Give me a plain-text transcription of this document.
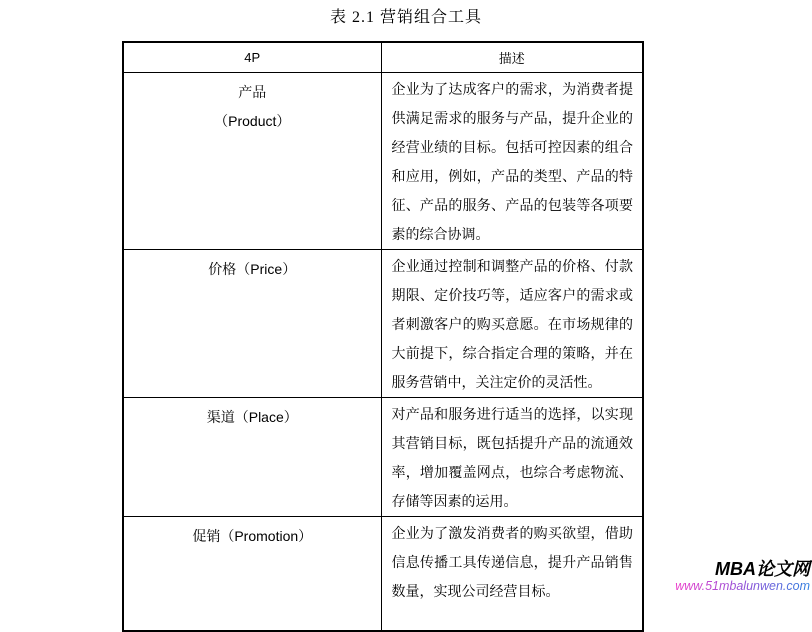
表 2.1 营销组合工具
4P	描述

产品
（Product）	企业为了达成客户的需求，为消费者提供满足需求的服务与产品，提升企业的经营业绩的目标。包括可控因素的组合和应用，例如，产品的类型、产品的特征、产品的服务、产品的包装等各项要素的综合协调。

价格（Price）	企业通过控制和调整产品的价格、付款期限、定价技巧等，适应客户的需求或者刺激客户的购买意愿。在市场规律的大前提下，综合指定合理的策略，并在服务营销中，关注定价的灵活性。

渠道（Place）	对产品和服务进行适当的选择，以实现其营销目标，既包括提升产品的流通效率，增加覆盖网点，也综合考虑物流、存储等因素的运用。

促销（Promotion）	企业为了激发消费者的购买欲望，借助信息传播工具传递信息，提升产品销售数量，实现公司经营目标。
MBA论文网
www.51mbalunwen.com
